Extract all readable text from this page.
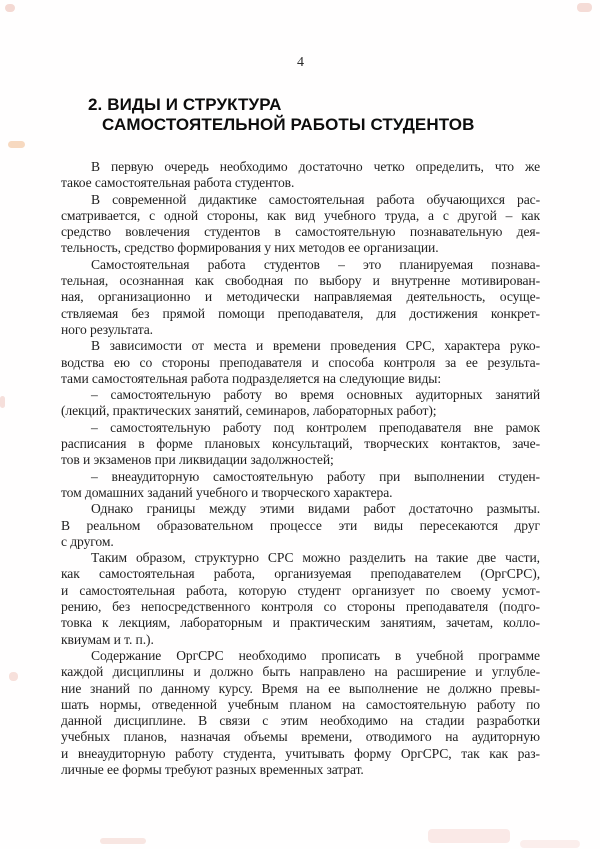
4
2. ВИДЫ И СТРУКТУРА
САМОСТОЯТЕЛЬНОЙ РАБОТЫ СТУДЕНТОВ
В первую очередь необходимо достаточно четко определить, что же
такое самостоятельная работа студентов.
В современной дидактике самостоятельная работа обучающихся рас-
сматривается, с одной стороны, как вид учебного труда, а с другой – как
средство вовлечения студентов в самостоятельную познавательную дея-
тельность, средство формирования у них методов ее организации.
Самостоятельная работа студентов – это планируемая познава-
тельная, осознанная как свободная по выбору и внутренне мотивирован-
ная, организационно и методически направляемая деятельность, осуще-
ствляемая без прямой помощи преподавателя, для достижения конкрет-
ного результата.
В зависимости от места и времени проведения СРС, характера руко-
водства ею со стороны преподавателя и способа контроля за ее результа-
тами самостоятельная работа подразделяется на следующие виды:
– самостоятельную работу во время основных аудиторных занятий
(лекций, практических занятий, семинаров, лабораторных работ);
– самостоятельную работу под контролем преподавателя вне рамок
расписания в форме плановых консультаций, творческих контактов, заче-
тов и экзаменов при ликвидации задолжностей;
– внеаудиторную самостоятельную работу при выполнении студен-
том домашних заданий учебного и творческого характера.
Однако границы между этими видами работ достаточно размыты.
В реальном образовательном процессе эти виды пересекаются друг
с другом.
Таким образом, структурно СРС можно разделить на такие две части,
как самостоятельная работа, организуемая преподавателем (ОргСРС),
и самостоятельная работа, которую студент организует по своему усмот-
рению, без непосредственного контроля со стороны преподавателя (подго-
товка к лекциям, лабораторным и практическим занятиям, зачетам, колло-
квиумам и т. п.).
Содержание ОргСРС необходимо прописать в учебной программе
каждой дисциплины и должно быть направлено на расширение и углубле-
ние знаний по данному курсу. Время на ее выполнение не должно превы-
шать нормы, отведенной учебным планом на самостоятельную работу по
данной дисциплине. В связи с этим необходимо на стадии разработки
учебных планов, назначая объемы времени, отводимого на аудиторную
и внеаудиторную работу студента, учитывать форму ОргСРС, так как раз-
личные ее формы требуют разных временных затрат.
